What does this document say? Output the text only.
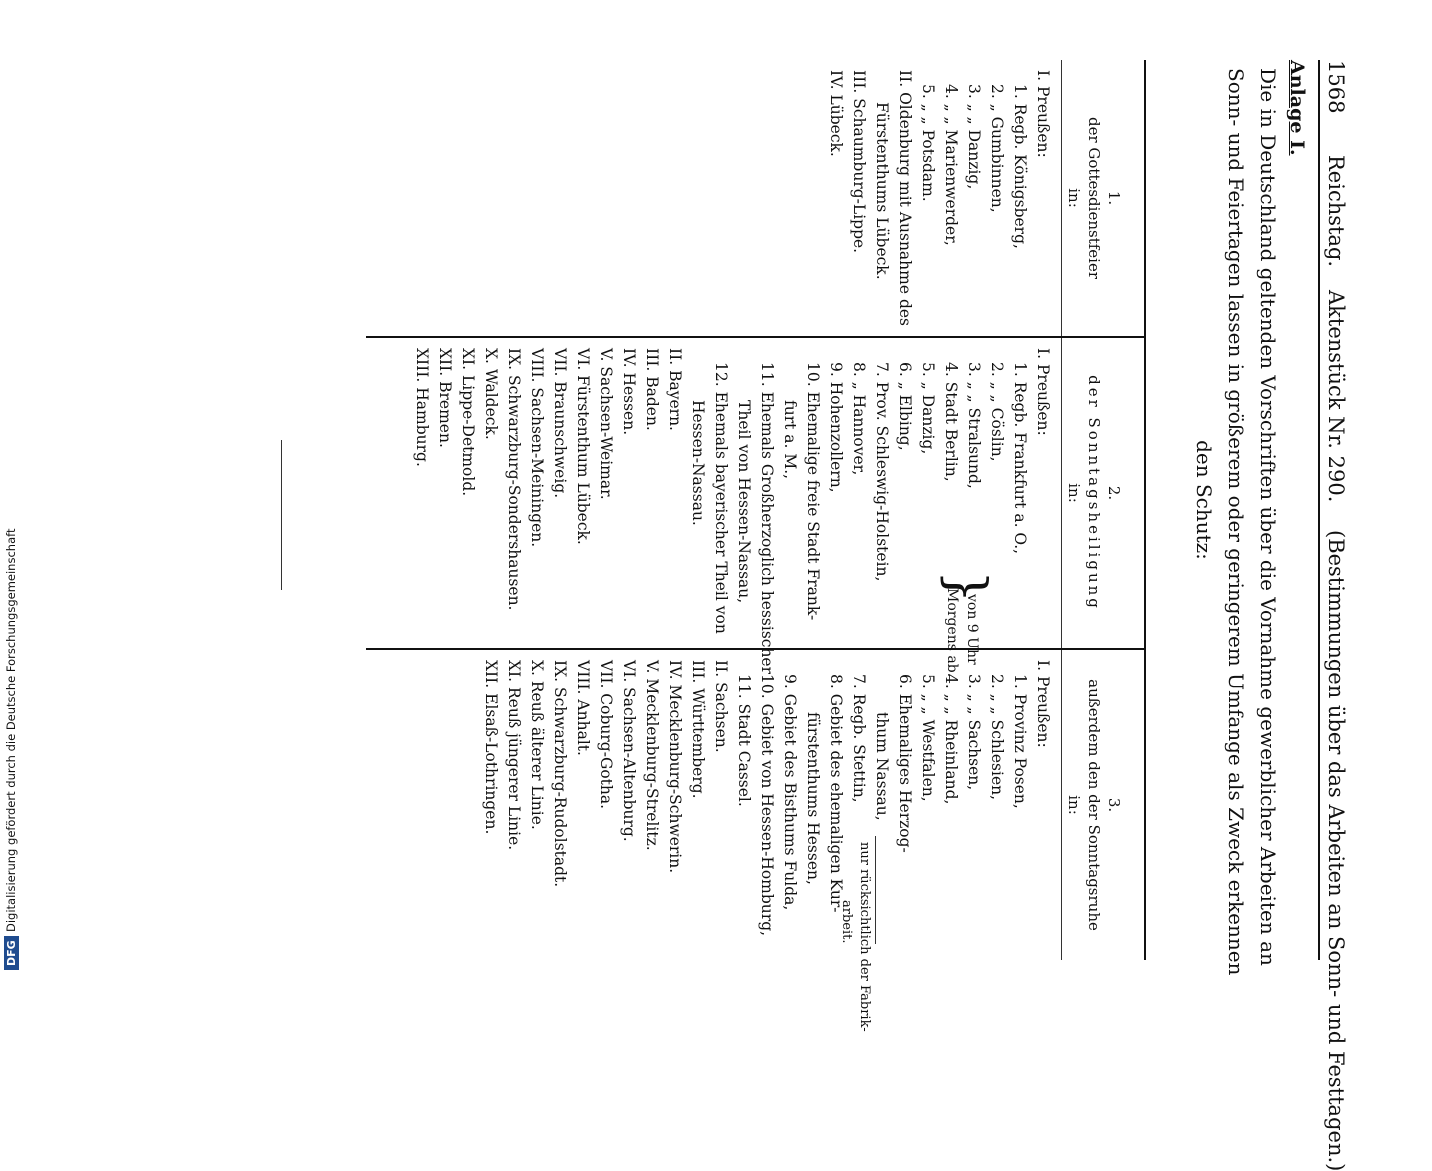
1568
Reichstag.
Aktenstück Nr. 290.
(Bestimmungen über das Arbeiten an Sonn- und Festtagen.)
Anlage I.
Die in Deutschland geltenden Vorschriften über die Vornahme gewerblicher Arbeiten an
Sonn- und Feiertagen lassen in größerem oder geringerem Umfange als Zweck erkennen
den Schutz:
1.
der Gottesdienstfeier
in:
2.
der Sonntagsheiligung
in:
3.
außerdem den der Sonntagsruhe
in:
I. Preußen:
1. Regb. Königsberg,
2. „ Gumbinnen,
3. „ „ Danzig,
4. „ „ Marienwerder,
5. „ „ Potsdam.
II. Oldenburg mit Ausnahme des
Fürstenthums Lübeck.
III. Schaumburg-Lippe.
IV. Lübeck.
I. Preußen:
1. Regb. Frankfurt a. O.,
2. „ „ Cöslin,
3. „ „ Stralsund,
4. Stadt Berlin,
5. „ Danzig,
6. „ Elbing,
7. Prov. Schleswig-Holstein,
8. „ Hannover,
9. Hohenzollern,
10. Ehemalige freie Stadt Frank-
furt a. M.,
11. Ehemals Großherzoglich hessischer
Theil von Hessen-Nassau,
12. Ehemals bayerischer Theil von
Hessen-Nassau.
}
von 9 Uhr
Morgens ab.
II. Bayern.
III. Baden.
IV. Hessen.
V. Sachsen-Weimar.
VI. Fürstenthum Lübeck.
VII. Braunschweig.
VIII. Sachsen-Meiningen.
IX. Schwarzburg-Sondershausen.
X. Waldeck.
XI. Lippe-Detmold.
XII. Bremen.
XIII. Hamburg.
I. Preußen:
1. Provinz Posen,
2. „ „ Schlesien,
3. „ „ Sachsen,
4. „ „ Rheinland,
5. „ „ Westfalen,
6. Ehemaliges Herzog-
thum Nassau,
7. Regb. Stettin,
8. Gebiet des ehemaligen Kur-
fürstenthums Hessen,
9. Gebiet des Bisthums Fulda,
10. Gebiet von Hessen-Homburg,
11. Stadt Cassel.
II. Sachsen.
III. Württemberg.
IV. Mecklenburg-Schwerin.
V. Mecklenburg-Strelitz.
VI. Sachsen-Altenburg.
VII. Coburg-Gotha.
VIII. Anhalt.
IX. Schwarzburg-Rudolstadt.
X. Reuß älterer Linie.
XI. Reuß jüngerer Linie.
XII. Elsaß-Lothringen.
nur rücksichtlich der Fabrik-
arbeit.
DFG
Digitalisierung gefördert durch die Deutsche Forschungsgemeinschaft
